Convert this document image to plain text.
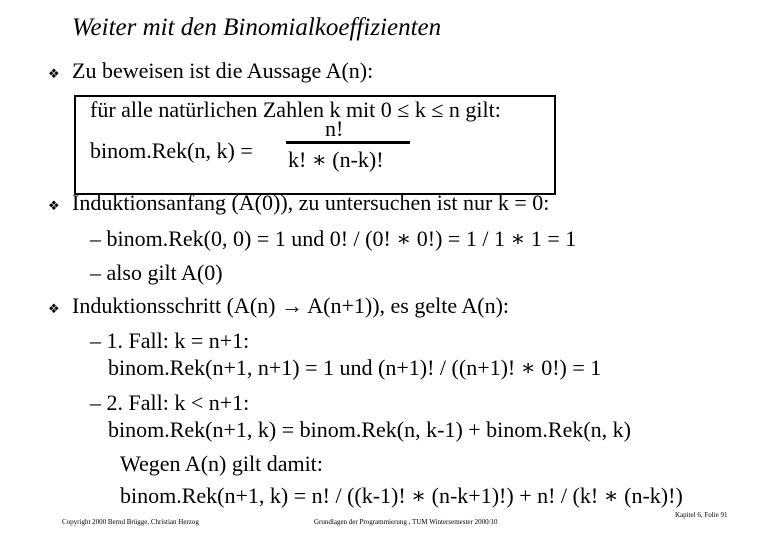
Weiter mit den Binomialkoeffizienten
❖ Zu beweisen ist die Aussage A(n):
für alle natürlichen Zahlen k mit 0 ≤ k ≤ n gilt:
n!
binom.Rek(n, k) = k! ∗ (n-k)!
❖ Induktionsanfang (A(0)), zu untersuchen ist nur k = 0:
– binom.Rek(0, 0) = 1 und 0! / (0! ∗ 0!) = 1 / 1 ∗ 1 = 1
– also gilt A(0)
❖ Induktionsschritt (A(n) → A(n+1)), es gelte A(n):
– 1. Fall: k = n+1:
binom.Rek(n+1, n+1) = 1 und (n+1)! / ((n+1)! ∗ 0!) = 1
– 2. Fall: k < n+1:
binom.Rek(n+1, k) = binom.Rek(n, k-1) + binom.Rek(n, k)
Wegen A(n) gilt damit:
binom.Rek(n+1, k) = n! / ((k-1)! ∗ (n-k+1)!) + n! / (k! ∗ (n-k)!)
Copyright 2000 Bernd Brügge, Christian Herzog	Grundlagen der Programmierung , TUM Wintersemester 2000/10
Kapitel 6, Folie 91
